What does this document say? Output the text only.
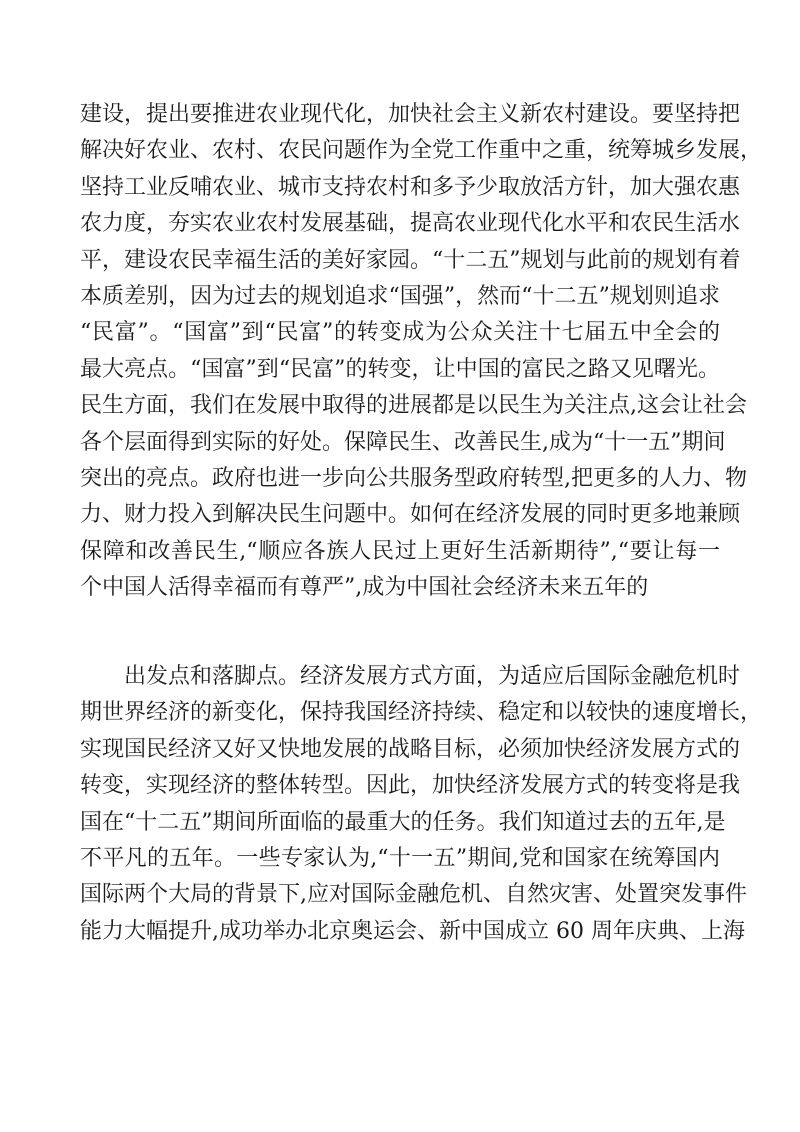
建设，提出要推进农业现代化，加快社会主义新农村建设。要坚持把
解决好农业、农村、农民问题作为全党工作重中之重，统筹城乡发展，
坚持工业反哺农业、城市支持农村和多予少取放活方针，加大强农惠
农力度，夯实农业农村发展基础，提高农业现代化水平和农民生活水
平，建设农民幸福生活的美好家园。“十二五”规划与此前的规划有着
本质差别，因为过去的规划追求“国强”，然而“十二五”规划则追求
“民富”。“国富”到“民富”的转变成为公众关注十七届五中全会的
最大亮点。“国富”到“民富”的转变，让中国的富民之路又见曙光。
民生方面，我们在发展中取得的进展都是以民生为关注点,这会让社会
各个层面得到实际的好处。保障民生、改善民生,成为“十一五”期间
突出的亮点。政府也进一步向公共服务型政府转型,把更多的人力、物
力、财力投入到解决民生问题中。如何在经济发展的同时更多地兼顾
保障和改善民生,“顺应各族人民过上更好生活新期待”,“要让每一
个中国人活得幸福而有尊严”,成为中国社会经济未来五年的
出发点和落脚点。经济发展方式方面，为适应后国际金融危机时
期世界经济的新变化，保持我国经济持续、稳定和以较快的速度增长，
实现国民经济又好又快地发展的战略目标，必须加快经济发展方式的
转变，实现经济的整体转型。因此，加快经济发展方式的转变将是我
国在“十二五”期间所面临的最重大的任务。我们知道过去的五年,是
不平凡的五年。一些专家认为,“十一五”期间,党和国家在统筹国内
国际两个大局的背景下,应对国际金融危机、自然灾害、处置突发事件
能力大幅提升,成功举办北京奥运会、新中国成立 60 周年庆典、上海
